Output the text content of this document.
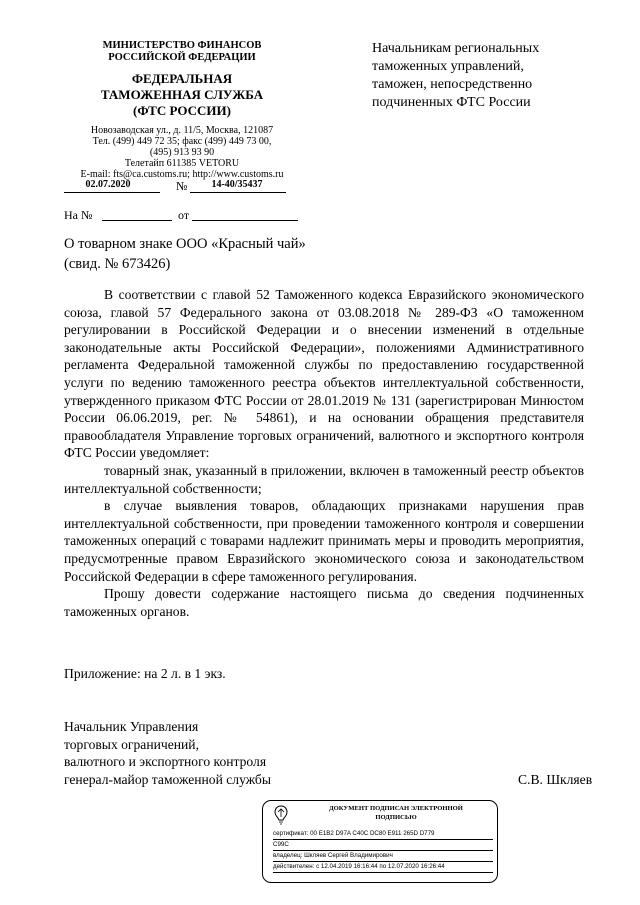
МИНИСТЕРСТВО ФИНАНСОВ
РОССИЙСКОЙ ФЕДЕРАЦИИ
ФЕДЕРАЛЬНАЯ
ТАМОЖЕННАЯ СЛУЖБА
(ФТС РОССИИ)
Новозаводская ул., д. 11/5, Москва, 121087
Тел. (499) 449 72 35; факс (499) 449 73 00,
(495) 913 93 90
Телетайп 611385 VETORU
E-mail: fts@ca.customs.ru; http://www.customs.ru
02.07.2020	№	14-40/35437
На №	от
Начальникам региональных
таможенных управлений,
таможен, непосредственно
подчиненных ФТС России
О товарном знаке ООО «Красный чай»
(свид. № 673426)

В соответствии с главой 52 Таможенного кодекса Евразийского экономического союза, главой 57 Федерального закона от 03.08.2018 № 289-ФЗ «О таможенном регулировании в Российской Федерации и о внесении изменений в отдельные законодательные акты Российской Федерации», положениями Административного регламента Федеральной таможенной службы по предоставлению государственной услуги по ведению таможенного реестра объектов интеллектуальной собственности, утвержденного приказом ФТС России от 28.01.2019 № 131 (зарегистрирован Минюстом России 06.06.2019, рег. № 54861), и на основании обращения представителя правообладателя Управление торговых ограничений, валютного и экспортного контроля ФТС России уведомляет:

товарный знак, указанный в приложении, включен в таможенный реестр объектов интеллектуальной собственности;

в случае выявления товаров, обладающих признаками нарушения прав интеллектуальной собственности, при проведении таможенного контроля и совершении таможенных операций с товарами надлежит принимать меры и проводить мероприятия, предусмотренные правом Евразийского экономического союза и законодательством Российской Федерации в сфере таможенного регулирования.

Прошу довести содержание настоящего письма до сведения подчиненных таможенных органов.

Приложение: на 2 л. в 1 экз.
Начальник Управления
торговых ограничений,
валютного и экспортного контроля
генерал-майор таможенной службы	С.В. Шкляев
ДОКУМЕНТ ПОДПИСАН ЭЛЕКТРОННОЙ
ПОДПИСЬЮ
сертификат: 00 E1B2 D97A C40C DC80 E911 265D D779
C99C
владелец: Шкляев Сергей Владимирович
действителен: с 12.04.2019 16:16:44 по 12.07.2020 16:26:44
